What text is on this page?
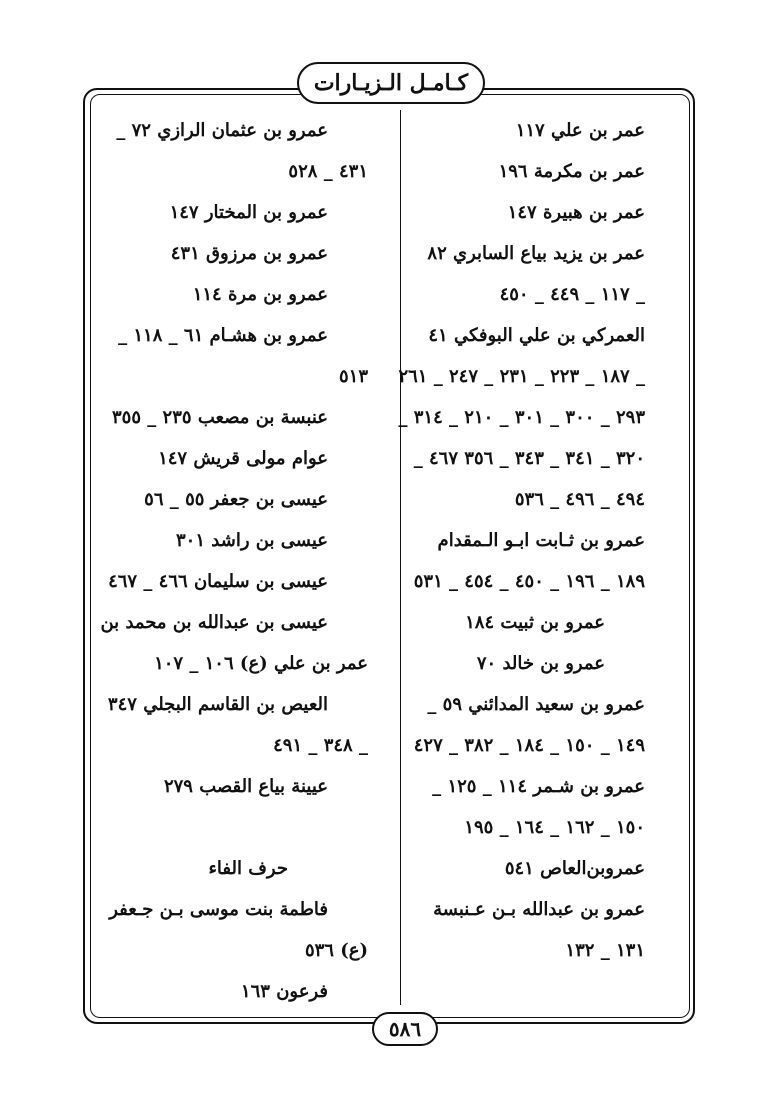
كـامـل الـزيـارات
عمر بن علي ١١٧
عمر بن مكرمة ١٩٦
عمر بن هبيرة ١٤٧
عمر بن يزيد بياع السابري ٨٢
_ ١١٧ _ ٤٤٩ _ ٤٥٠
العمركي بن علي البوفكي ٤١
_ ١٨٧ _ ٢٢٣ _ ٢٣١ _ ٢٤٧ _ ٢٦١
٢٩٣ _ ٣٠٠ _ ٣٠١ _ ٢١٠ _ ٣١٤ _
٣٢٠ _ ٣٤١ _ ٣٤٣ _ ٣٥٦ ٤٦٧ _
٤٩٤ _ ٤٩٦ _ ٥٣٦
عمرو بن ثـابت ابـو الـمقدام
١٨٩ _ ١٩٦ _ ٤٥٠ _ ٤٥٤ _ ٥٣١
عمرو بن ثبيت ١٨٤
عمرو بن خالد ٧٠
عمرو بن سعيد المدائني ٥٩ _
١٤٩ _ ١٥٠ _ ١٨٤ _ ٣٨٢ _ ٤٢٧
عمرو بن شـمر ١١٤ _ ١٢٥ _
١٥٠ _ ١٦٢ _ ١٦٤ _ ١٩٥
عمروبن‌العاص ٥٤١
عمرو بن عبدالله بـن عـنبسة
١٣١ _ ١٣٢
عمرو بن عثمان الرازي ٧٢ _
٤٣١ _ ٥٢٨
عمرو بن المختار ١٤٧
عمرو بن مرزوق ٤٣١
عمرو بن مرة ١١٤
عمرو بن هشـام ٦١ _ ١١٨ _
٥١٣
عنبسة بن مصعب ٢٣٥ _ ٣٥٥
عوام مولى قريش ١٤٧
عيسى بن جعفر ٥٥ _ ٥٦
عيسى بن راشد ٣٠١
عيسى بن سليمان ٤٦٦ _ ٤٦٧
عيسى بن عبدالله بن محمد بن
عمر بن علي (ع) ١٠٦ _ ١٠٧
العيص بن القاسم البجلي ٣٤٧
_ ٣٤٨ _ ٤٩١
عيينة بياع القصب ٢٧٩
حرف الفاء
فاطمة بنت موسى بـن جـعفر
(ع) ٥٣٦
فرعون ١٦٣
٥٨٦
